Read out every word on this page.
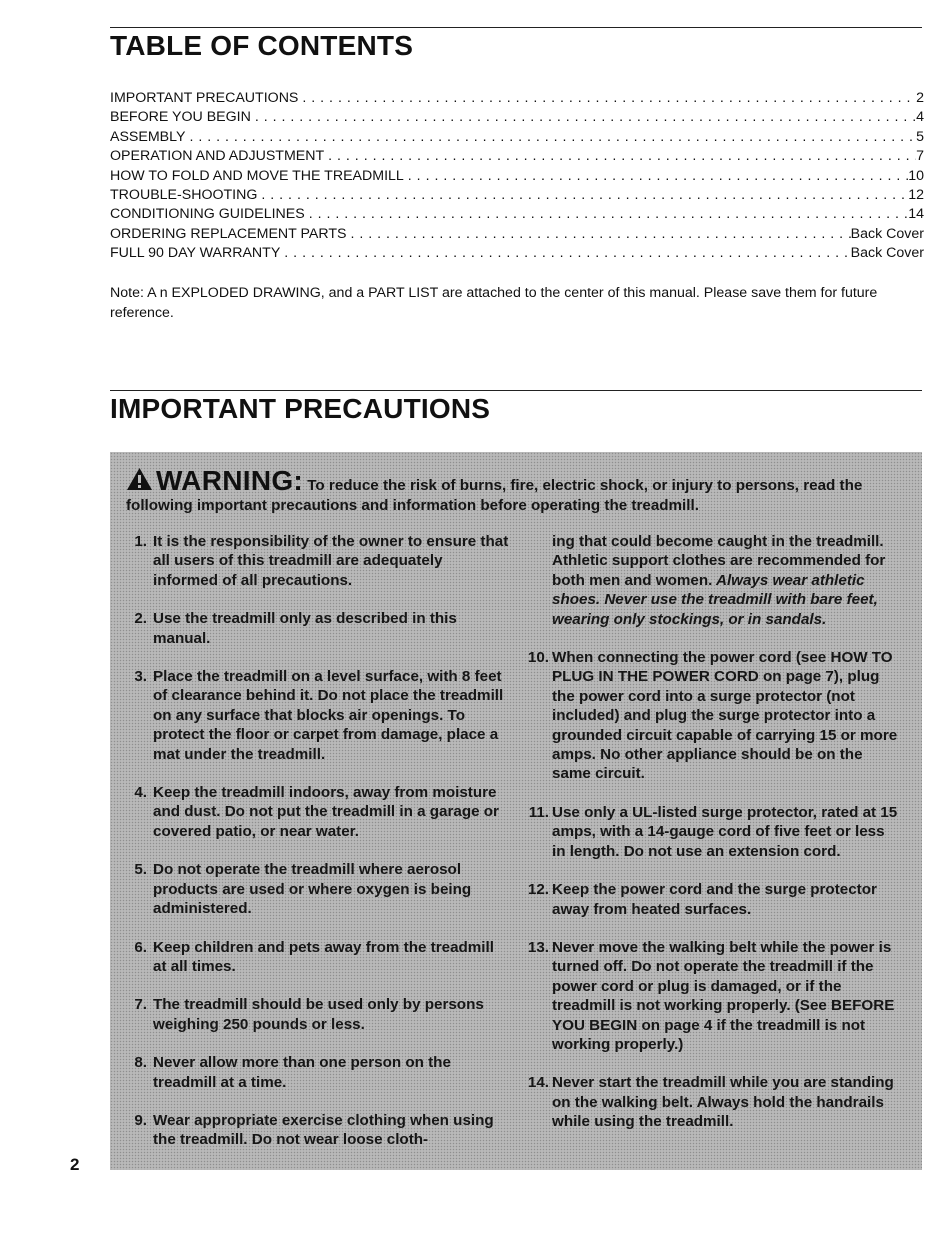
TABLE OF CONTENTS
IMPORTANT PRECAUTIONS . . .	2
BEFORE YOU BEGIN . . .	4
ASSEMBLY . . .	5
OPERATION AND ADJUSTMENT . . .	7
HOW TO FOLD AND MOVE THE TREADMILL . . .	10
TROUBLE-SHOOTING . . .	12
CONDITIONING GUIDELINES . . .	14
ORDERING REPLACEMENT PARTS . . .	Back Cover
FULL 90 DAY WARRANTY . . .	Back Cover

Note: A n EXPLODED DRAWING, and a PART LIST are attached to the center of this manual. Please save them for future reference.

IMPORTANT PRECAUTIONS

WARNING: To reduce the risk of burns, fire, electric shock, or injury to persons, read the following important precautions and information before operating the treadmill.

1. It is the responsibility of the owner to ensure that all users of this treadmill are adequately informed of all precautions.
2. Use the treadmill only as described in this manual.
3. Place the treadmill on a level surface, with 8 feet of clearance behind it. Do not place the treadmill on any surface that blocks air openings. To protect the floor or carpet from damage, place a mat under the treadmill.
4. Keep the treadmill indoors, away from moisture and dust. Do not put the treadmill in a garage or covered patio, or near water.
5. Do not operate the treadmill where aerosol products are used or where oxygen is being administered.
6. Keep children and pets away from the treadmill at all times.
7. The treadmill should be used only by persons weighing 250 pounds or less.
8. Never allow more than one person on the treadmill at a time.
9. Wear appropriate exercise clothing when using the treadmill. Do not wear loose cloth-
ing that could become caught in the treadmill. Athletic support clothes are recommended for both men and women. Always wear athletic shoes. Never use the treadmill with bare feet, wearing only stockings, or in sandals.
10. When connecting the power cord (see HOW TO PLUG IN THE POWER CORD on page 7), plug the power cord into a surge protector (not included) and plug the surge protector into a grounded circuit capable of carrying 15 or more amps. No other appliance should be on the same circuit.
11. Use only a UL-listed surge protector, rated at 15 amps, with a 14-gauge cord of five feet or less in length. Do not use an extension cord.
12. Keep the power cord and the surge protector away from heated surfaces.
13. Never move the walking belt while the power is turned off. Do not operate the treadmill if the power cord or plug is damaged, or if the treadmill is not working properly. (See BEFORE YOU BEGIN on page 4 if the treadmill is not working properly.)
14. Never start the treadmill while you are standing on the walking belt. Always hold the handrails while using the treadmill.
2
